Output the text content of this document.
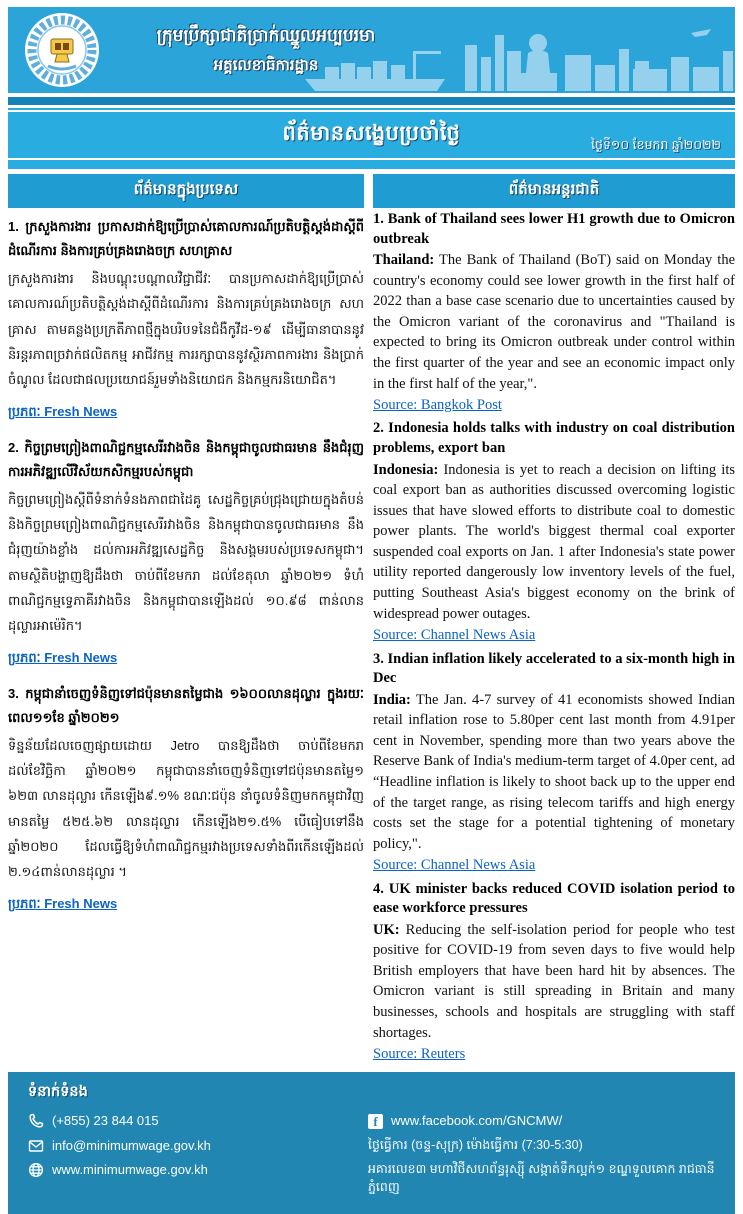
ក្រុមប្រឹក្សាជាតិប្រាក់ឈ្នួលអប្បបរមា
អគ្គលេខាធិការដ្ឋាន
ព័ត៌មានសង្ខេបប្រចាំថ្ងៃ	ថ្ងៃទី១០ ខែមករា ឆ្នាំ២០២២
ព័ត៌មានក្នុងប្រទេស
1. ក្រសួងការងារ ប្រកាសដាក់ឱ្យប្រើប្រាស់គោលការណ៍ប្រតិបត្តិស្តង់ដាស្តីពីដំណើរការ និងការគ្រប់គ្រងរោងចក្រ សហគ្រាស
ក្រសួងការងារ និងបណ្តុះបណ្តាលវិជ្ជាជីវៈ បានប្រកាសដាក់ឱ្យប្រើប្រាស់គោលការណ៍ប្រតិបត្តិស្តង់ដាស្តីពីដំណើរការ និងការគ្រប់គ្រងរោងចក្រ សហគ្រាស តាមគន្លងប្រក្រតីភាពថ្មីក្នុងបរិបទនៃជំងឺកូវីដ-១៩ ដើម្បីធានាបាននូវនិរន្តរភាពច្រវាក់ផលិតកម្ម អាជីវកម្ម ការរក្សាបាននូវស្ថិរភាពការងារ និងប្រាក់ចំណូល ដែលជាផលប្រយោជន៍រួមទាំងនិយោជក និងកម្មករនិយោជិត។
ប្រភពៈ Fresh News
2. កិច្ចព្រមព្រៀងពាណិជ្ជកម្មសេរីរវាងចិន និងកម្ពុជាចូលជាធរមាន នឹងជំរុញការអភិវឌ្ឍលើវិស័យកសិកម្មរបស់កម្ពុជា
កិច្ចព្រមព្រៀងស្តីពីទំនាក់ទំនងភាពជាដៃគូ សេដ្ឋកិច្ចគ្រប់ជ្រុងជ្រោយក្នុងតំបន់និងកិច្ចព្រមព្រៀងពាណិជ្ជកម្មសេរីរវាងចិន និងកម្ពុជាបានចូលជាធរមាន នឹងជំរុញយ៉ាងខ្លាំង ដល់ការអភិវឌ្ឍសេដ្ឋកិច្ច និងសង្គមរបស់ប្រទេសកម្ពុជា។ តាមស្ថិតិបង្ហាញឱ្យដឹងថា ចាប់ពីខែមករា ដល់ខែតុលា ឆ្នាំ២០២១ ទំហំពាណិជ្ជកម្មទ្វេភាគីរវាងចិន និងកម្ពុជាបានឡើងដល់ ១០.៩៨ ពាន់លានដុល្លារអាម៉េរិក។
ប្រភពៈ Fresh News
3. កម្ពុជានាំចេញទំនិញទៅជប៉ុនមានតម្លៃជាង ១៦០០លានដុល្លារ ក្នុងរយៈពេល១១ខែ ឆ្នាំ២០២១
ទិន្នន័យដែលចេញផ្សាយដោយ Jetro បានឱ្យដឹងថា ចាប់ពីខែមករាដល់ខែវិច្ឆិកា ឆ្នាំ២០២១ កម្ពុជាបាននាំចេញទំនិញទៅជប៉ុនមានតម្លៃ១ ៦២៣ លានដុល្លារ កើនឡើង៩.១% ខណៈជប៉ុន នាំចូលទំនិញមកកម្ពុជាវិញមានតម្លៃ ៥២៥.៦២ លានដុល្លារ កើនឡើង២១.៥% បើធៀបទៅនឹងឆ្នាំ២០២០ ដែលធ្វើឱ្យទំហំពាណិជ្ជកម្មរវាងប្រទេសទាំងពីរកើនឡើងដល់ ២.១៤ពាន់លានដុល្លារ ។
ប្រភពៈ Fresh News
ព័ត៌មានអន្តរជាតិ
1. Bank of Thailand sees lower H1 growth due to Omicron outbreak
Thailand: The Bank of Thailand (BoT) said on Monday the country's economy could see lower growth in the first half of 2022 than a base case scenario due to uncertainties caused by the Omicron variant of the coronavirus and "Thailand is expected to bring its Omicron outbreak under control within the first quarter of the year and see an economic impact only in the first half of the year,".
Source: Bangkok Post
2. Indonesia holds talks with industry on coal distribution problems, export ban
Indonesia: Indonesia is yet to reach a decision on lifting its coal export ban as authorities discussed overcoming logistic issues that have slowed efforts to distribute coal to domestic power plants. The world's biggest thermal coal exporter suspended coal exports on Jan. 1 after Indonesia's state power utility reported dangerously low inventory levels of the fuel, putting Southeast Asia's biggest economy on the brink of widespread power outages.
Source: Channel News Asia
3. Indian inflation likely accelerated to a six-month high in Dec
India: The Jan. 4-7 survey of 41 economists showed Indian retail inflation rose to 5.80per cent last month from 4.91per cent in November, spending more than two years above the Reserve Bank of India's medium-term target of 4.0per cent, ad “Headline inflation is likely to shoot back up to the upper end of the target range, as rising telecom tariffs and high energy costs set the stage for a potential tightening of monetary policy,".
Source: Channel News Asia
4. UK minister backs reduced COVID isolation period to ease workforce pressures
UK: Reducing the self-isolation period for people who test positive for COVID-19 from seven days to five would help British employers that have been hard hit by absences. The Omicron variant is still spreading in Britain and many businesses, schools and hospitals are struggling with staff shortages.
Source: Reuters
ទំនាក់ទំនង
(+855) 23 844 015
info@minimumwage.gov.kh
www.minimumwage.gov.kh
f	www.facebook.com/GNCMW/
ថ្ងៃធ្វើការ (ចន្ទ-សុក្រ) ម៉ោងធ្វើការ (7:30-5:30)
អគារលេខ៣ មហាវិថីសហព័ន្ធរុស្ស៊ី សង្កាត់ទឹកល្អក់១ ខណ្ឌទួលគោក រាជធានីភ្នំពេញ
